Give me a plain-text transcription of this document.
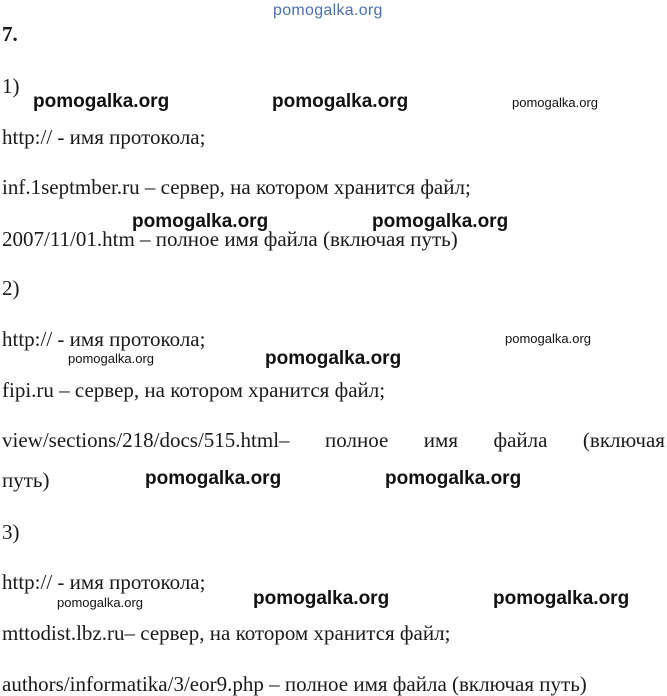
pomogalka.org
7.
1)
http:// - имя протокола;
inf.1septmber.ru – сервер, на котором хранится файл;
2007/11/01.htm – полное имя файла (включая путь)
2)
http:// - имя протокола;
fipi.ru – сервер, на котором хранится файл;
view/sections/218/docs/515.html– полное имя файла (включая
путь)
3)
http:// - имя протокола;
mttodist.lbz.ru– сервер, на котором хранится файл;
authors/informatika/3/eor9.php – полное имя файла (включая путь)
pomogalka.org	pomogalka.org	pomogalka.org
pomogalka.org	pomogalka.org
pomogalka.org
pomogalka.org	pomogalka.org
pomogalka.org	pomogalka.org
pomogalka.org	pomogalka.org	pomogalka.org
